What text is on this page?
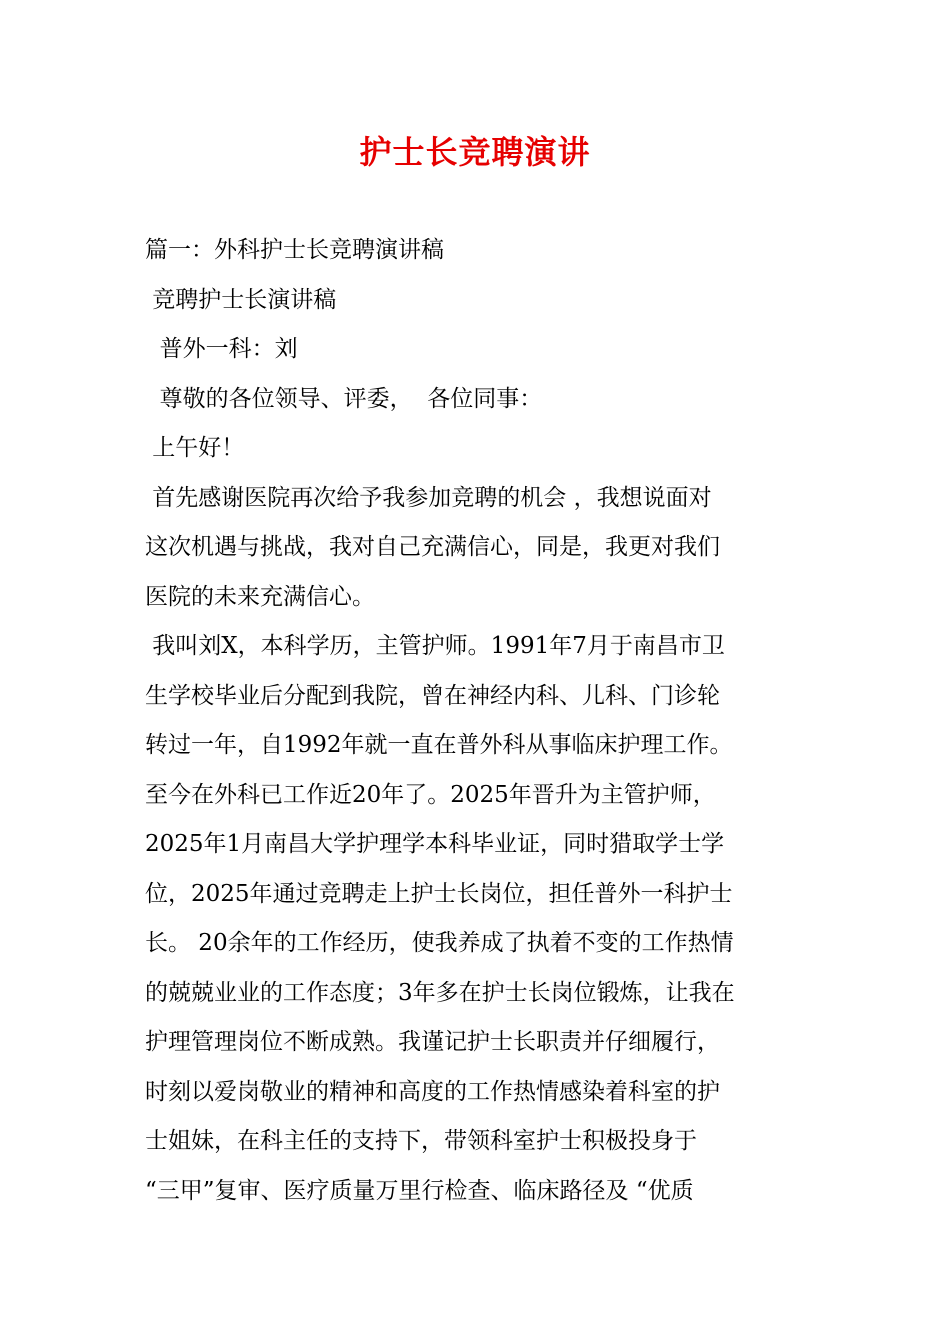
护士长竞聘演讲
篇一：外科护士长竞聘演讲稿
竞聘护士长演讲稿
普外一科：刘
尊敬的各位领导、评委，  各位同事：
上午好！
首先感谢医院再次给予我参加竞聘的机会 ，我想说面对
这次机遇与挑战，我对自己充满信心，同是，我更对我们
医院的未来充满信心。
我叫刘X，本科学历，主管护师。1991年7月于南昌市卫
生学校毕业后分配到我院，曾在神经内科、儿科、门诊轮
转过一年，自1992年就一直在普外科从事临床护理工作。
至今在外科已工作近20年了。2025年晋升为主管护师，
2025年1月南昌大学护理学本科毕业证，同时猎取学士学
位，2025年通过竞聘走上护士长岗位，担任普外一科护士
长。 20余年的工作经历，使我养成了执着不变的工作热情
的兢兢业业的工作态度；3年多在护士长岗位锻炼，让我在
护理管理岗位不断成熟。我谨记护士长职责并仔细履行，
时刻以爱岗敬业的精神和高度的工作热情感染着科室的护
士姐妹，在科主任的支持下，带领科室护士积极投身于
“三甲”复审、医疗质量万里行检查、临床路径及 “优质
